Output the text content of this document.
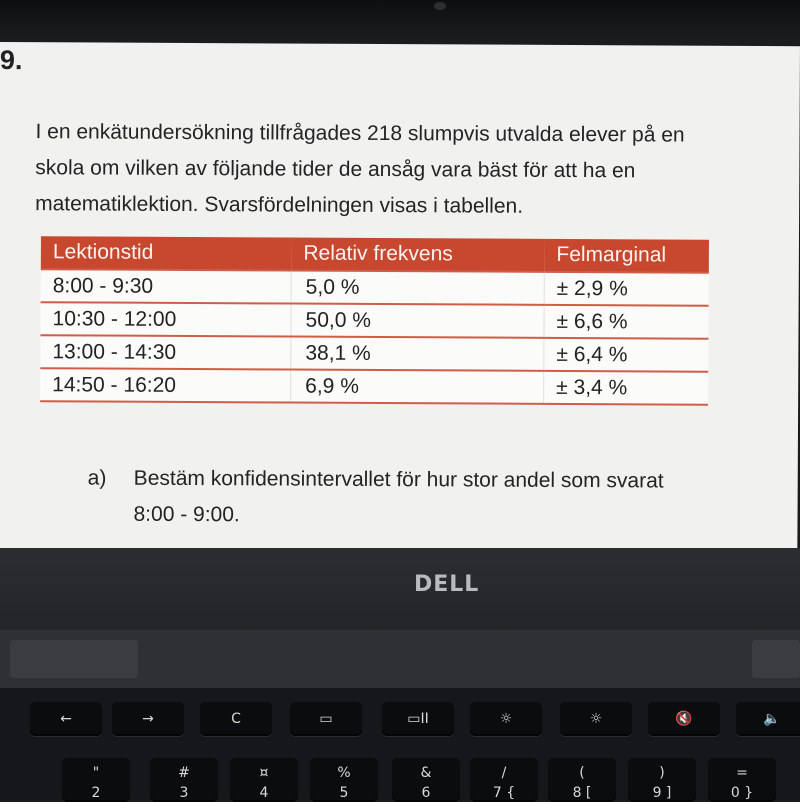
9.
I en enkätundersökning tillfrågades 218 slumpvis utvalda elever på en
skola om vilken av följande tider de ansåg vara bäst för att ha en
matematiklektion. Svarsfördelningen visas i tabellen.
Lektionstid	Relativ frekvens	Felmarginal
8:00 - 9:30	5,0 %	± 2,9 %
10:30 - 12:00	50,0 %	± 6,6 %
13:00 - 14:30	38,1 %	± 6,4 %
14:50 - 16:20	6,9 %	± 3,4 %
a) Bestäm konfidensintervallet för hur stor andel som svarat
8:00 - 9:00.
DELL
←	→	C	▭	▭II	☼	☼	🔇	🔈
"
2
#
3
¤
4
%
5
&
6
/
7 {
(
8 [
)
9 ]
=
0 }
